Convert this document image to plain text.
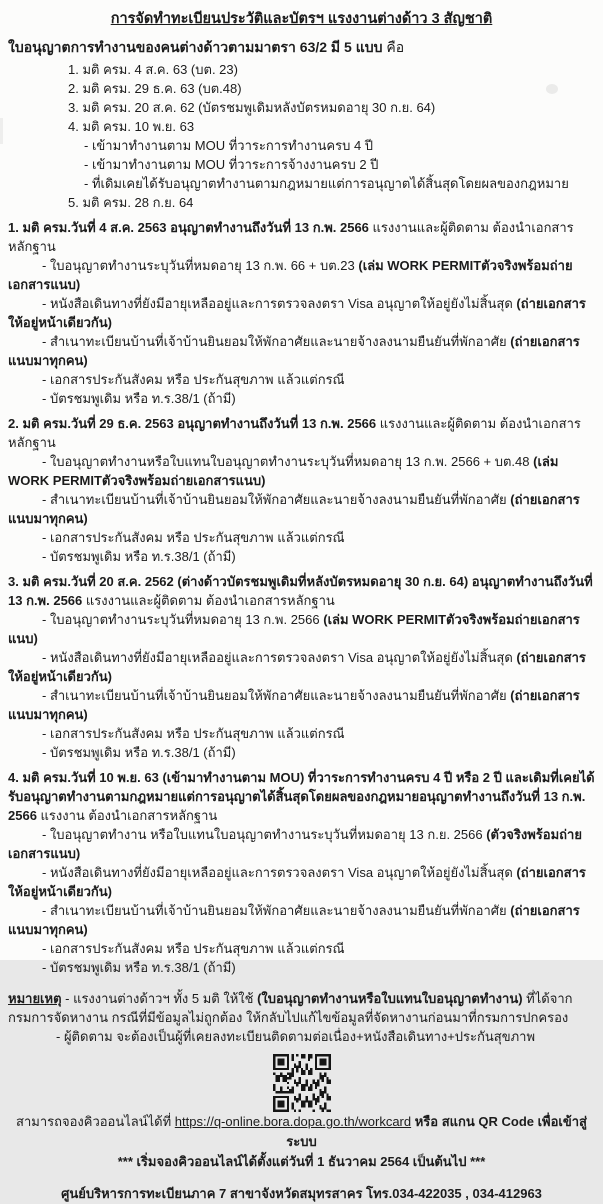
การจัดทำทะเบียนประวัติและบัตรฯ แรงงานต่างด้าว 3 สัญชาติ

ใบอนุญาตการทำงานของคนต่างด้าวตามมาตรา 63/2 มี 5 แบบ คือ

1. มติ ครม. 4 ส.ค. 63 (บต. 23)

2. มติ ครม. 29 ธ.ค. 63 (บต.48)

3. มติ ครม. 20 ส.ค. 62 (บัตรชมพูเดิมหลังบัตรหมดอายุ 30 ก.ย. 64)

4. มติ ครม. 10 พ.ย. 63

- เข้ามาทำงานตาม MOU ที่วาระการทำงานครบ 4 ปี

- เข้ามาทำงานตาม MOU ที่วาระการจ้างงานครบ 2 ปี

- ที่เดิมเคยได้รับอนุญาตทำงานตามกฎหมายแต่การอนุญาตได้สิ้นสุดโดยผลของกฎหมาย

5. มติ ครม. 28 ก.ย. 64

1. มติ ครม.วันที่ 4 ส.ค. 2563 อนุญาตทำงานถึงวันที่ 13 ก.พ. 2566 แรงงานและผู้ติดตาม ต้องนำเอกสารหลักฐาน

- ใบอนุญาตทำงานระบุวันที่หมดอายุ 13 ก.พ. 66 + บต.23 (เล่ม WORK PERMITตัวจริงพร้อมถ่ายเอกสารแนบ)

- หนังสือเดินทางที่ยังมีอายุเหลืออยู่และการตรวจลงตรา Visa อนุญาตให้อยู่ยังไม่สิ้นสุด (ถ่ายเอกสารให้อยู่หน้าเดียวกัน)

- สำเนาทะเบียนบ้านที่เจ้าบ้านยินยอมให้พักอาศัยและนายจ้างลงนามยืนยันที่พักอาศัย (ถ่ายเอกสารแนบมาทุกคน)

- เอกสารประกันสังคม หรือ ประกันสุขภาพ แล้วแต่กรณี

- บัตรชมพูเดิม หรือ ท.ร.38/1 (ถ้ามี)

2. มติ ครม.วันที่ 29 ธ.ค. 2563 อนุญาตทำงานถึงวันที่ 13 ก.พ. 2566 แรงงานและผู้ติดตาม ต้องนำเอกสารหลักฐาน

- ใบอนุญาตทำงานหรือใบแทนใบอนุญาตทำงานระบุวันที่หมดอายุ 13 ก.พ. 2566 + บต.48 (เล่ม WORK PERMITตัวจริงพร้อมถ่ายเอกสารแนบ)

- สำเนาทะเบียนบ้านที่เจ้าบ้านยินยอมให้พักอาศัยและนายจ้างลงนามยืนยันที่พักอาศัย (ถ่ายเอกสารแนบมาทุกคน)

- เอกสารประกันสังคม หรือ ประกันสุขภาพ แล้วแต่กรณี

- บัตรชมพูเดิม หรือ ท.ร.38/1 (ถ้ามี)

3. มติ ครม.วันที่ 20 ส.ค. 2562 (ต่างด้าวบัตรชมพูเดิมที่หลังบัตรหมดอายุ 30 ก.ย. 64) อนุญาตทำงานถึงวันที่ 13 ก.พ. 2566 แรงงานและผู้ติดตาม ต้องนำเอกสารหลักฐาน

- ใบอนุญาตทำงานระบุวันที่หมดอายุ 13 ก.พ. 2566 (เล่ม WORK PERMITตัวจริงพร้อมถ่ายเอกสารแนบ)

- หนังสือเดินทางที่ยังมีอายุเหลืออยู่และการตรวจลงตรา Visa อนุญาตให้อยู่ยังไม่สิ้นสุด (ถ่ายเอกสารให้อยู่หน้าเดียวกัน)

- สำเนาทะเบียนบ้านที่เจ้าบ้านยินยอมให้พักอาศัยและนายจ้างลงนามยืนยันที่พักอาศัย (ถ่ายเอกสารแนบมาทุกคน)

- เอกสารประกันสังคม หรือ ประกันสุขภาพ แล้วแต่กรณี

- บัตรชมพูเดิม หรือ ท.ร.38/1 (ถ้ามี)

4. มติ ครม.วันที่ 10 พ.ย. 63 (เข้ามาทำงานตาม MOU) ที่วาระการทำงานครบ 4 ปี หรือ 2 ปี และเดิมที่เคยได้รับอนุญาตทำงานตามกฎหมายแต่การอนุญาตได้สิ้นสุดโดยผลของกฎหมายอนุญาตทำงานถึงวันที่ 13 ก.พ. 2566 แรงงาน ต้องนำเอกสารหลักฐาน

- ใบอนุญาตทำงาน หรือใบแทนใบอนุญาตทำงานระบุวันที่หมดอายุ 13 ก.ย. 2566 (ตัวจริงพร้อมถ่ายเอกสารแนบ)

- หนังสือเดินทางที่ยังมีอายุเหลืออยู่และการตรวจลงตรา Visa อนุญาตให้อยู่ยังไม่สิ้นสุด (ถ่ายเอกสารให้อยู่หน้าเดียวกัน)

- สำเนาทะเบียนบ้านที่เจ้าบ้านยินยอมให้พักอาศัยและนายจ้างลงนามยืนยันที่พักอาศัย (ถ่ายเอกสารแนบมาทุกคน)

- เอกสารประกันสังคม หรือ ประกันสุขภาพ แล้วแต่กรณี

- บัตรชมพูเดิม หรือ ท.ร.38/1 (ถ้ามี)

หมายเหตุ - แรงงานต่างด้าวฯ ทั้ง 5 มติ ให้ใช้ (ใบอนุญาตทำงานหรือใบแทนใบอนุญาตทำงาน) ที่ได้จากกรมการจัดหางาน กรณีที่มีข้อมูลไม่ถูกต้อง ให้กลับไปแก้ไขข้อมูลที่จัดหางานก่อนมาที่กรมการปกครอง

- ผู้ติดตาม จะต้องเป็นผู้ที่เคยลงทะเบียนติดตามต่อเนื่อง+หนังสือเดินทาง+ประกันสุขภาพ

สามารถจองคิวออนไลน์ได้ที่ https://q-online.bora.dopa.go.th/workcard หรือ สแกน QR Code เพื่อเข้าสู่ระบบ

*** เริ่มจองคิวออนไลน์ได้ตั้งแต่วันที่ 1 ธันวาคม 2564 เป็นต้นไป ***

ศูนย์บริหารการทะเบียนภาค 7 สาขาจังหวัดสมุทรสาคร โทร.034-422035 , 034-412963
